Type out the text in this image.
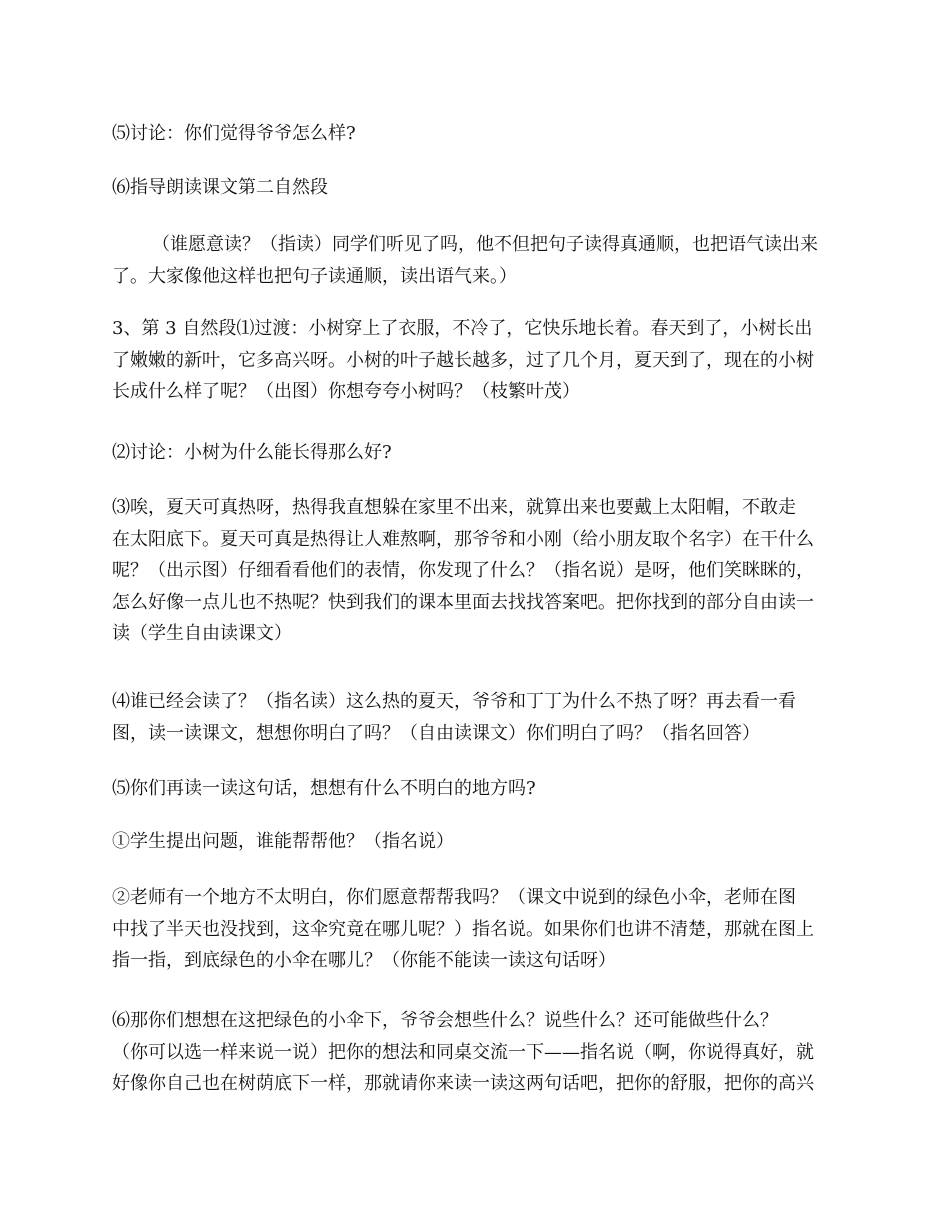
⑸讨论：你们觉得爷爷怎么样?

⑹指导朗读课文第二自然段

（谁愿意读？（指读）同学们听见了吗，他不但把句子读得真通顺，也把语气读出来
了。大家像他这样也把句子读通顺，读出语气来。）

3、第 3 自然段⑴过渡：小树穿上了衣服，不冷了，它快乐地长着。春天到了，小树长出
了嫩嫩的新叶，它多高兴呀。小树的叶子越长越多，过了几个月，夏天到了，现在的小树
长成什么样了呢？（出图）你想夸夸小树吗？（枝繁叶茂）

⑵讨论：小树为什么能长得那么好?

⑶唉，夏天可真热呀，热得我直想躲在家里不出来，就算出来也要戴上太阳帽，不敢走
在太阳底下。夏天可真是热得让人难熬啊，那爷爷和小刚（给小朋友取个名字）在干什么
呢？（出示图）仔细看看他们的表情，你发现了什么？（指名说）是呀，他们笑眯眯的，
怎么好像一点儿也不热呢？快到我们的课本里面去找找答案吧。把你找到的部分自由读一
读（学生自由读课文）

⑷谁已经会读了？（指名读）这么热的夏天，爷爷和丁丁为什么不热了呀？再去看一看
图，读一读课文，想想你明白了吗？（自由读课文）你们明白了吗？（指名回答）

⑸你们再读一读这句话，想想有什么不明白的地方吗?

①学生提出问题，谁能帮帮他？（指名说）

②老师有一个地方不太明白，你们愿意帮帮我吗？（课文中说到的绿色小伞，老师在图
中找了半天也没找到，这伞究竟在哪儿呢？）指名说。如果你们也讲不清楚，那就在图上
指一指，到底绿色的小伞在哪儿？（你能不能读一读这句话呀）

⑹那你们想想在这把绿色的小伞下，爷爷会想些什么？说些什么？还可能做些什么？
（你可以选一样来说一说）把你的想法和同桌交流一下——指名说（啊，你说得真好，就
好像你自己也在树荫底下一样，那就请你来读一读这两句话吧，把你的舒服，把你的高兴
